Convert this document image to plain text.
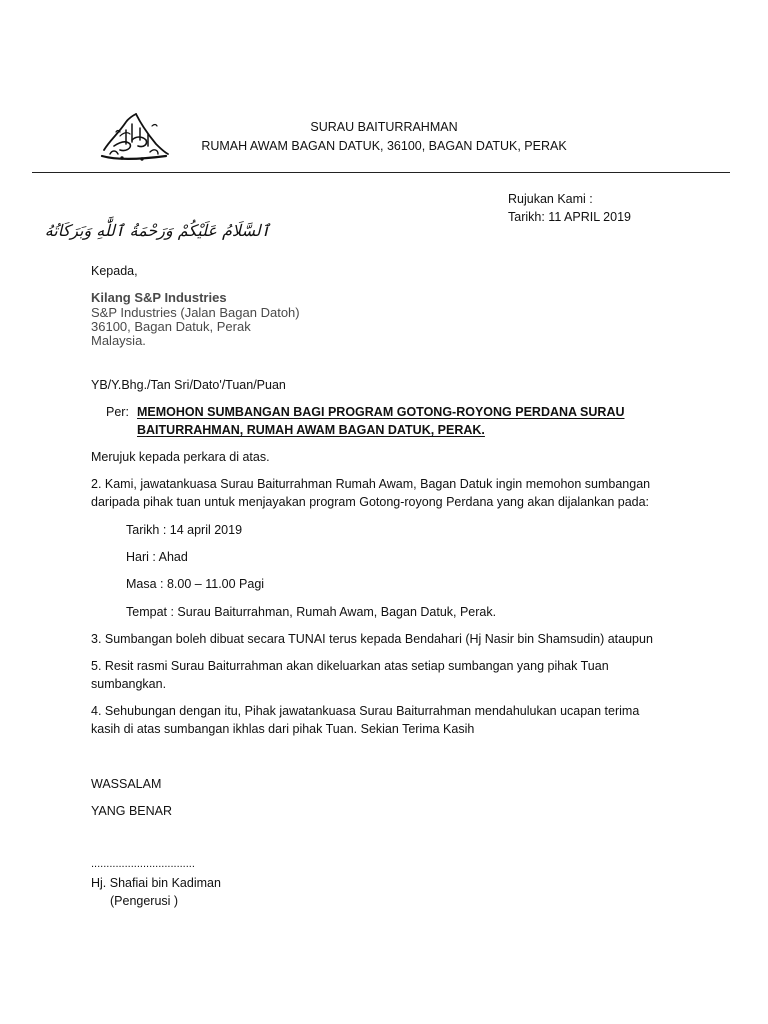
SURAU BAITURRAHMAN
RUMAH AWAM BAGAN DATUK, 36100, BAGAN DATUK, PERAK
Rujukan Kami :
Tarikh: 11 APRIL 2019
ٱلسَّلَامُ عَلَيْكُمْ وَرَحْمَةُ ٱللَّٰهِ وَبَرَكَاتُهُ
Kepada,
Kilang S&P Industries
S&P Industries (Jalan Bagan Datoh)
36100, Bagan Datuk, Perak
Malaysia.
YB/Y.Bhg./Tan Sri/Dato'/Tuan/Puan
Per: MEMOHON SUMBANGAN BAGI PROGRAM GOTONG-ROYONG PERDANA SURAU
BAITURRAHMAN, RUMAH AWAM BAGAN DATUK, PERAK.
Merujuk kepada perkara di atas.
2. Kami, jawatankuasa Surau Baiturrahman Rumah Awam, Bagan Datuk ingin memohon sumbangan
daripada pihak tuan untuk menjayakan program Gotong-royong Perdana yang akan dijalankan pada:
Tarikh : 14 april 2019
Hari : Ahad
Masa : 8.00 – 11.00 Pagi
Tempat : Surau Baiturrahman, Rumah Awam, Bagan Datuk, Perak.
3. Sumbangan boleh dibuat secara TUNAI terus kepada Bendahari (Hj Nasir bin Shamsudin) ataupun
5. Resit rasmi Surau Baiturrahman akan dikeluarkan atas setiap sumbangan yang pihak Tuan
sumbangkan.
4. Sehubungan dengan itu, Pihak jawatankuasa Surau Baiturrahman mendahulukan ucapan terima
kasih di atas sumbangan ikhlas dari pihak Tuan. Sekian Terima Kasih
WASSALAM
YANG BENAR
..................................
Hj. Shafiai bin Kadiman
(Pengerusi )
